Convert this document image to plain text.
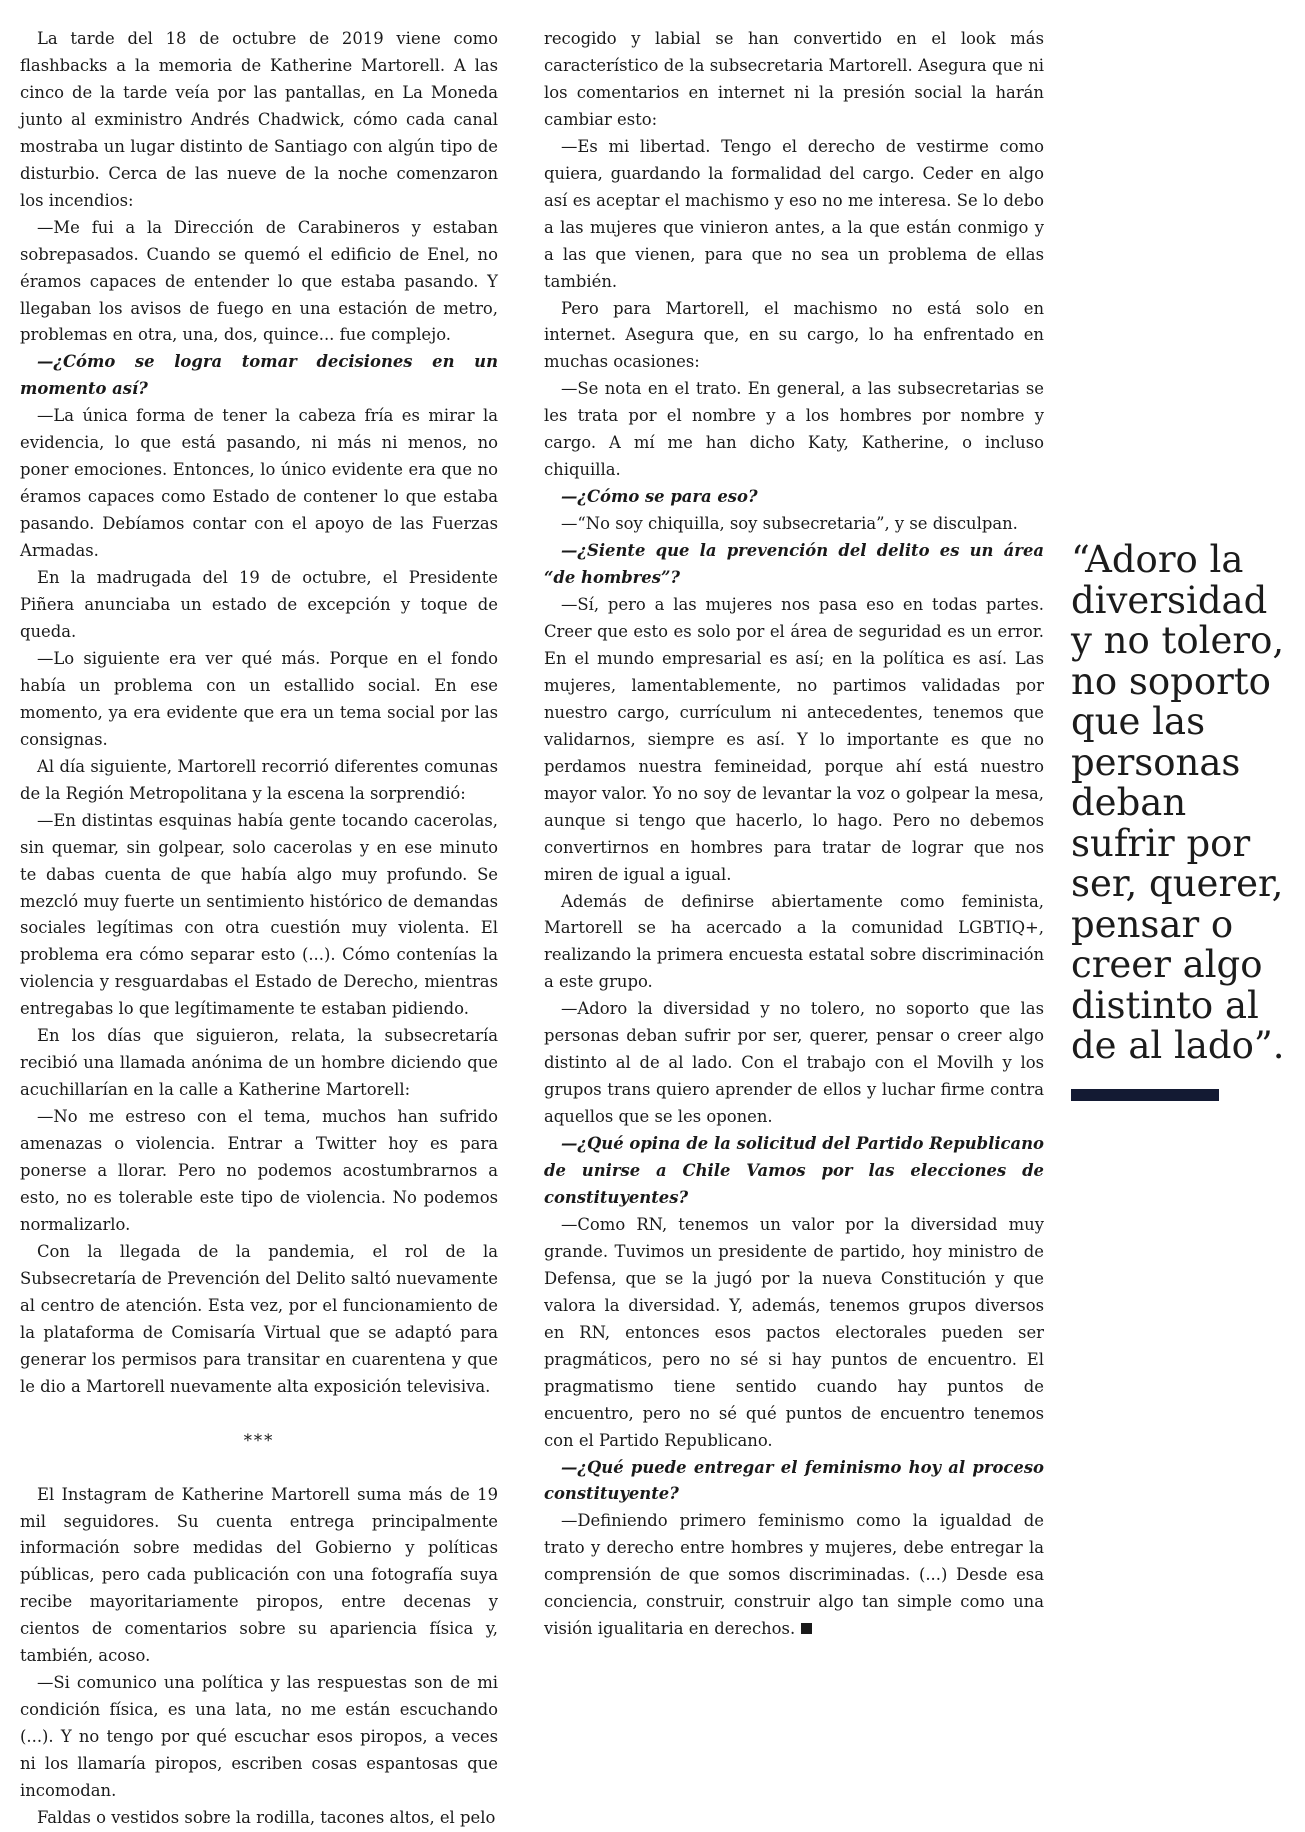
La tarde del 18 de octubre de 2019 viene como flashbacks a la memoria de Katherine Martorell. A las cinco de la tarde veía por las pantallas, en La Moneda junto al exministro Andrés Chadwick, cómo cada canal mostraba un lugar distinto de Santiago con algún tipo de disturbio. Cerca de las nueve de la noche comenzaron los incendios:

—Me fui a la Dirección de Carabineros y estaban sobrepasados. Cuando se quemó el edificio de Enel, no éramos capaces de entender lo que estaba pasando. Y llegaban los avisos de fuego en una estación de metro, problemas en otra, una, dos, quince... fue complejo.

—¿Cómo se logra tomar decisiones en un momento así?

—La única forma de tener la cabeza fría es mirar la evidencia, lo que está pasando, ni más ni menos, no poner emociones. Entonces, lo único evidente era que no éramos capaces como Estado de contener lo que estaba pasando. Debíamos contar con el apoyo de las Fuerzas Armadas.

En la madrugada del 19 de octubre, el Presidente Piñera anunciaba un estado de excepción y toque de queda.

—Lo siguiente era ver qué más. Porque en el fondo había un problema con un estallido social. En ese momento, ya era evidente que era un tema social por las consignas.

Al día siguiente, Martorell recorrió diferentes comunas de la Región Metropolitana y la escena la sorprendió:

—En distintas esquinas había gente tocando cacerolas, sin quemar, sin golpear, solo cacerolas y en ese minuto te dabas cuenta de que había algo muy profundo. Se mezcló muy fuerte un sentimiento histórico de demandas sociales legítimas con otra cuestión muy violenta. El problema era cómo separar esto (...). Cómo contenías la violencia y resguardabas el Estado de Derecho, mientras entregabas lo que legítimamente te estaban pidiendo.

En los días que siguieron, relata, la subsecretaría recibió una llamada anónima de un hombre diciendo que acuchillarían en la calle a Katherine Martorell:

—No me estreso con el tema, muchos han sufrido amenazas o violencia. Entrar a Twitter hoy es para ponerse a llorar. Pero no podemos acostumbrarnos a esto, no es tolerable este tipo de violencia. No podemos normalizarlo.

Con la llegada de la pandemia, el rol de la Subsecretaría de Prevención del Delito saltó nuevamente al centro de atención. Esta vez, por el funcionamiento de la plataforma de Comisaría Virtual que se adaptó para generar los permisos para transitar en cuarentena y que le dio a Martorell nuevamente alta exposición televisiva.

***

El Instagram de Katherine Martorell suma más de 19 mil seguidores. Su cuenta entrega principalmente información sobre medidas del Gobierno y políticas públicas, pero cada publicación con una fotografía suya recibe mayoritariamente piropos, entre decenas y cientos de comentarios sobre su apariencia física y, también, acoso.

—Si comunico una política y las respuestas son de mi condición física, es una lata, no me están escuchando (...). Y no tengo por qué escuchar esos piropos, a veces ni los llamaría piropos, escriben cosas espantosas que incomodan.

Faldas o vestidos sobre la rodilla, tacones altos, el pelo

recogido y labial se han convertido en el look más característico de la subsecretaria Martorell. Asegura que ni los comentarios en internet ni la presión social la harán cambiar esto:

—Es mi libertad. Tengo el derecho de vestirme como quiera, guardando la formalidad del cargo. Ceder en algo así es aceptar el machismo y eso no me interesa. Se lo debo a las mujeres que vinieron antes, a la que están conmigo y a las que vienen, para que no sea un problema de ellas también.

Pero para Martorell, el machismo no está solo en internet. Asegura que, en su cargo, lo ha enfrentado en muchas ocasiones:

—Se nota en el trato. En general, a las subsecretarias se les trata por el nombre y a los hombres por nombre y cargo. A mí me han dicho Katy, Katherine, o incluso chiquilla.

—¿Cómo se para eso?

—“No soy chiquilla, soy subsecretaria”, y se disculpan.

—¿Siente que la prevención del delito es un área “de hombres”?

—Sí, pero a las mujeres nos pasa eso en todas partes. Creer que esto es solo por el área de seguridad es un error. En el mundo empresarial es así; en la política es así. Las mujeres, lamentablemente, no partimos validadas por nuestro cargo, currículum ni antecedentes, tenemos que validarnos, siempre es así. Y lo importante es que no perdamos nuestra femineidad, porque ahí está nuestro mayor valor. Yo no soy de levantar la voz o golpear la mesa, aunque si tengo que hacerlo, lo hago. Pero no debemos convertirnos en hombres para tratar de lograr que nos miren de igual a igual.

Además de definirse abiertamente como feminista, Martorell se ha acercado a la comunidad LGBTIQ+, realizando la primera encuesta estatal sobre discriminación a este grupo.

—Adoro la diversidad y no tolero, no soporto que las personas deban sufrir por ser, querer, pensar o creer algo distinto al de al lado. Con el trabajo con el Movilh y los grupos trans quiero aprender de ellos y luchar firme contra aquellos que se les oponen.

—¿Qué opina de la solicitud del Partido Republicano de unirse a Chile Vamos por las elecciones de constituyentes?

—Como RN, tenemos un valor por la diversidad muy grande. Tuvimos un presidente de partido, hoy ministro de Defensa, que se la jugó por la nueva Constitución y que valora la diversidad. Y, además, tenemos grupos diversos en RN, entonces esos pactos electorales pueden ser pragmáticos, pero no sé si hay puntos de encuentro. El pragmatismo tiene sentido cuando hay puntos de encuentro, pero no sé qué puntos de encuentro tenemos con el Partido Republicano.

—¿Qué puede entregar el feminismo hoy al proceso constituyente?

—Definiendo primero feminismo como la igualdad de trato y derecho entre hombres y mujeres, debe entregar la comprensión de que somos discriminadas. (...) Desde esa conciencia, construir, construir algo tan simple como una visión igualitaria en derechos.

“Adoro la diversidad y no tolero, no soporto que las personas deban sufrir por ser, querer, pensar o creer algo distinto al de al lado”.
